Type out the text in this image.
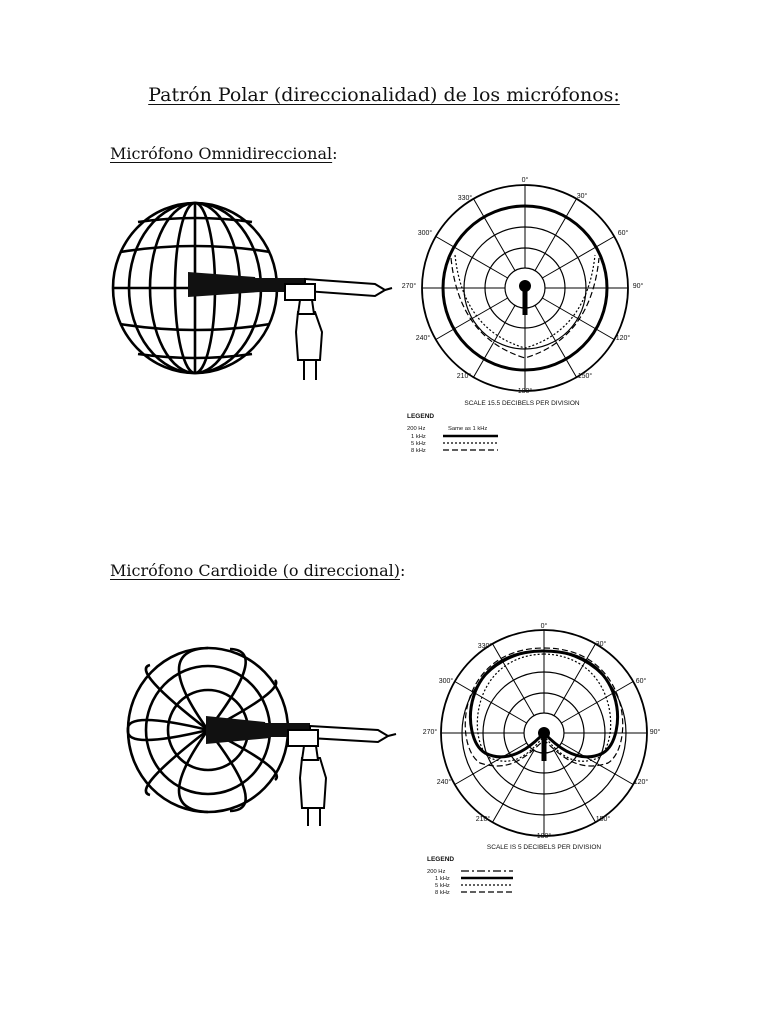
Patrón Polar (direccionalidad) de los micrófonos:
Micrófono Omnidireccional:
Micrófono Cardioide (o direccional):
0°
30°
60°
90°
120°
150°
180°
210°
240°
270°
300°
330°
SCALE 15.5 DECIBELS PER DIVISION
LEGEND
200 Hz	Same as 1 kHz
1 kHz
5 kHz
8 kHz
0°
30°
60°
90°
120°
150°
180°
210°
240°
270°
300°
330°
SCALE IS 5 DECIBELS PER DIVISION
LEGEND
200 Hz
1 kHz
5 kHz
8 kHz
